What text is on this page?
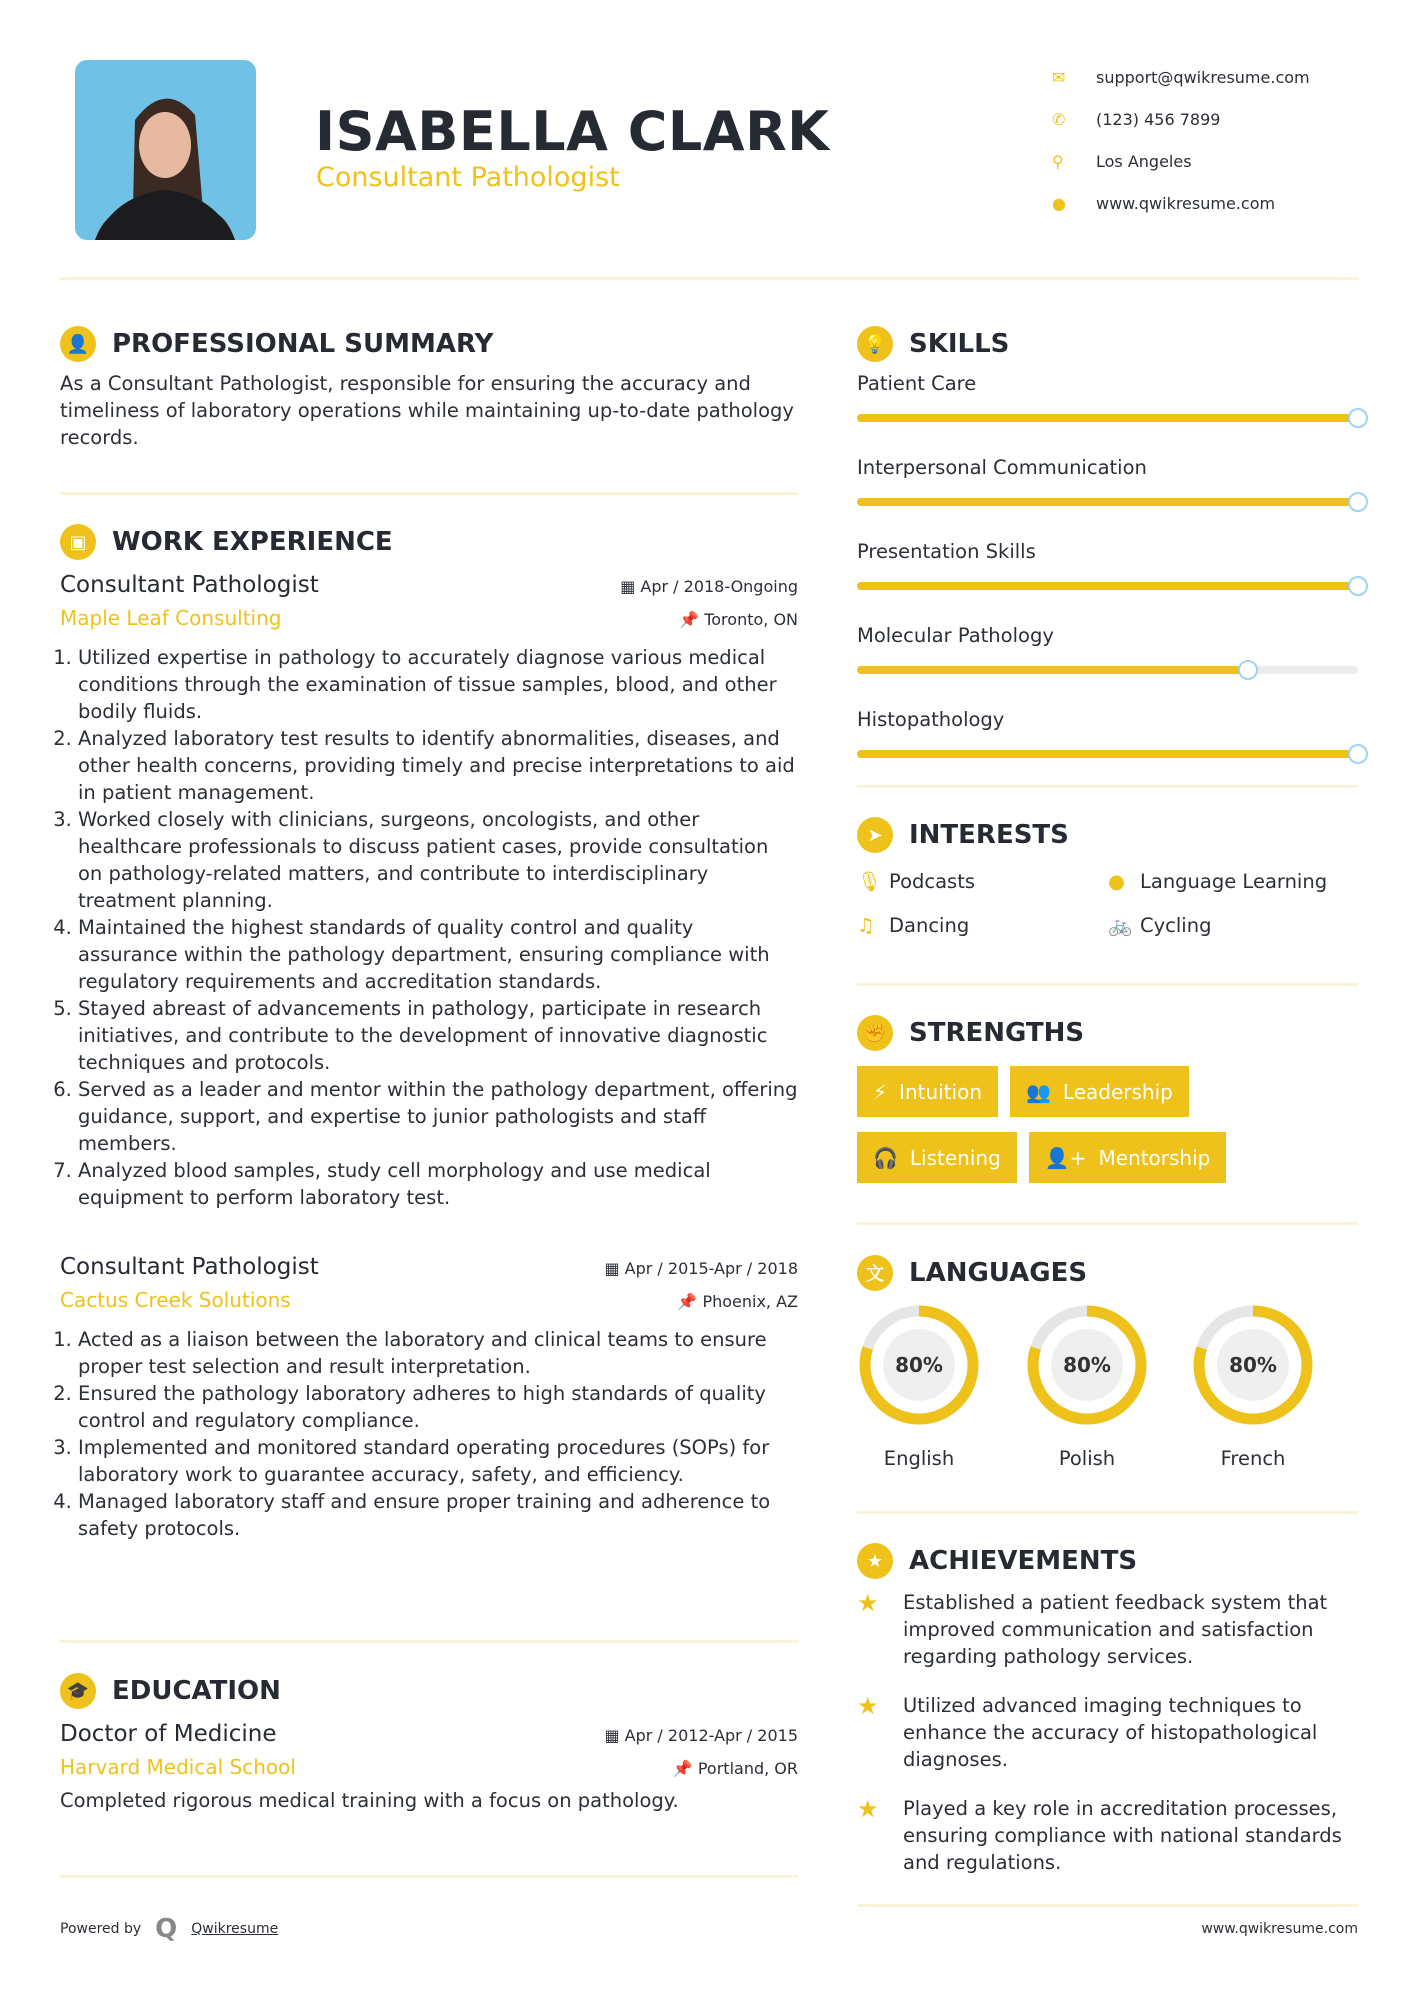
ISABELLA CLARK
Consultant Pathologist
✉	support@qwikresume.com
✆	(123) 456 7899
⚲	Los Angeles
●	www.qwikresume.com
👤 PROFESSIONAL SUMMARY
As a Consultant Pathologist, responsible for ensuring the accuracy and timeliness of laboratory operations while maintaining up-to-date pathology records.
▣ WORK EXPERIENCE
Consultant Pathologist	▦ Apr / 2018-Ongoing
Maple Leaf Consulting	📌 Toronto, ON
1. Utilized expertise in pathology to accurately diagnose various medical conditions through the examination of tissue samples, blood, and other bodily fluids.
2. Analyzed laboratory test results to identify abnormalities, diseases, and other health concerns, providing timely and precise interpretations to aid in patient management.
3. Worked closely with clinicians, surgeons, oncologists, and other healthcare professionals to discuss patient cases, provide consultation on pathology-related matters, and contribute to interdisciplinary treatment planning.
4. Maintained the highest standards of quality control and quality assurance within the pathology department, ensuring compliance with regulatory requirements and accreditation standards.
5. Stayed abreast of advancements in pathology, participate in research initiatives, and contribute to the development of innovative diagnostic techniques and protocols.
6. Served as a leader and mentor within the pathology department, offering guidance, support, and expertise to junior pathologists and staff members.
7. Analyzed blood samples, study cell morphology and use medical equipment to perform laboratory test.
Consultant Pathologist	▦ Apr / 2015-Apr / 2018
Cactus Creek Solutions	📌 Phoenix, AZ
1. Acted as a liaison between the laboratory and clinical teams to ensure proper test selection and result interpretation.
2. Ensured the pathology laboratory adheres to high standards of quality control and regulatory compliance.
3. Implemented and monitored standard operating procedures (SOPs) for laboratory work to guarantee accuracy, safety, and efficiency.
4. Managed laboratory staff and ensure proper training and adherence to safety protocols.
🎓 EDUCATION
Doctor of Medicine	▦ Apr / 2012-Apr / 2015
Harvard Medical School	📌 Portland, OR
Completed rigorous medical training with a focus on pathology.
Powered by Q Qwikresume
💡 SKILLS
Patient Care
Interpersonal Communication
Presentation Skills
Molecular Pathology
Histopathology
➤	INTERESTS
🎙 Podcasts	● Language Learning
♫ Dancing	🚲 Cycling
✊ STRENGTHS
⚡ Intuition 👥 Leadership

🎧 Listening 👤+ Mentorship
文 LANGUAGES
80%
English
80%
Polish
80%
French
★ ACHIEVEMENTS
★	Established a patient feedback system that improved communication and satisfaction regarding pathology services.
★	Utilized advanced imaging techniques to enhance the accuracy of histopathological diagnoses.
★	Played a key role in accreditation processes, ensuring compliance with national standards and regulations.
www.qwikresume.com
